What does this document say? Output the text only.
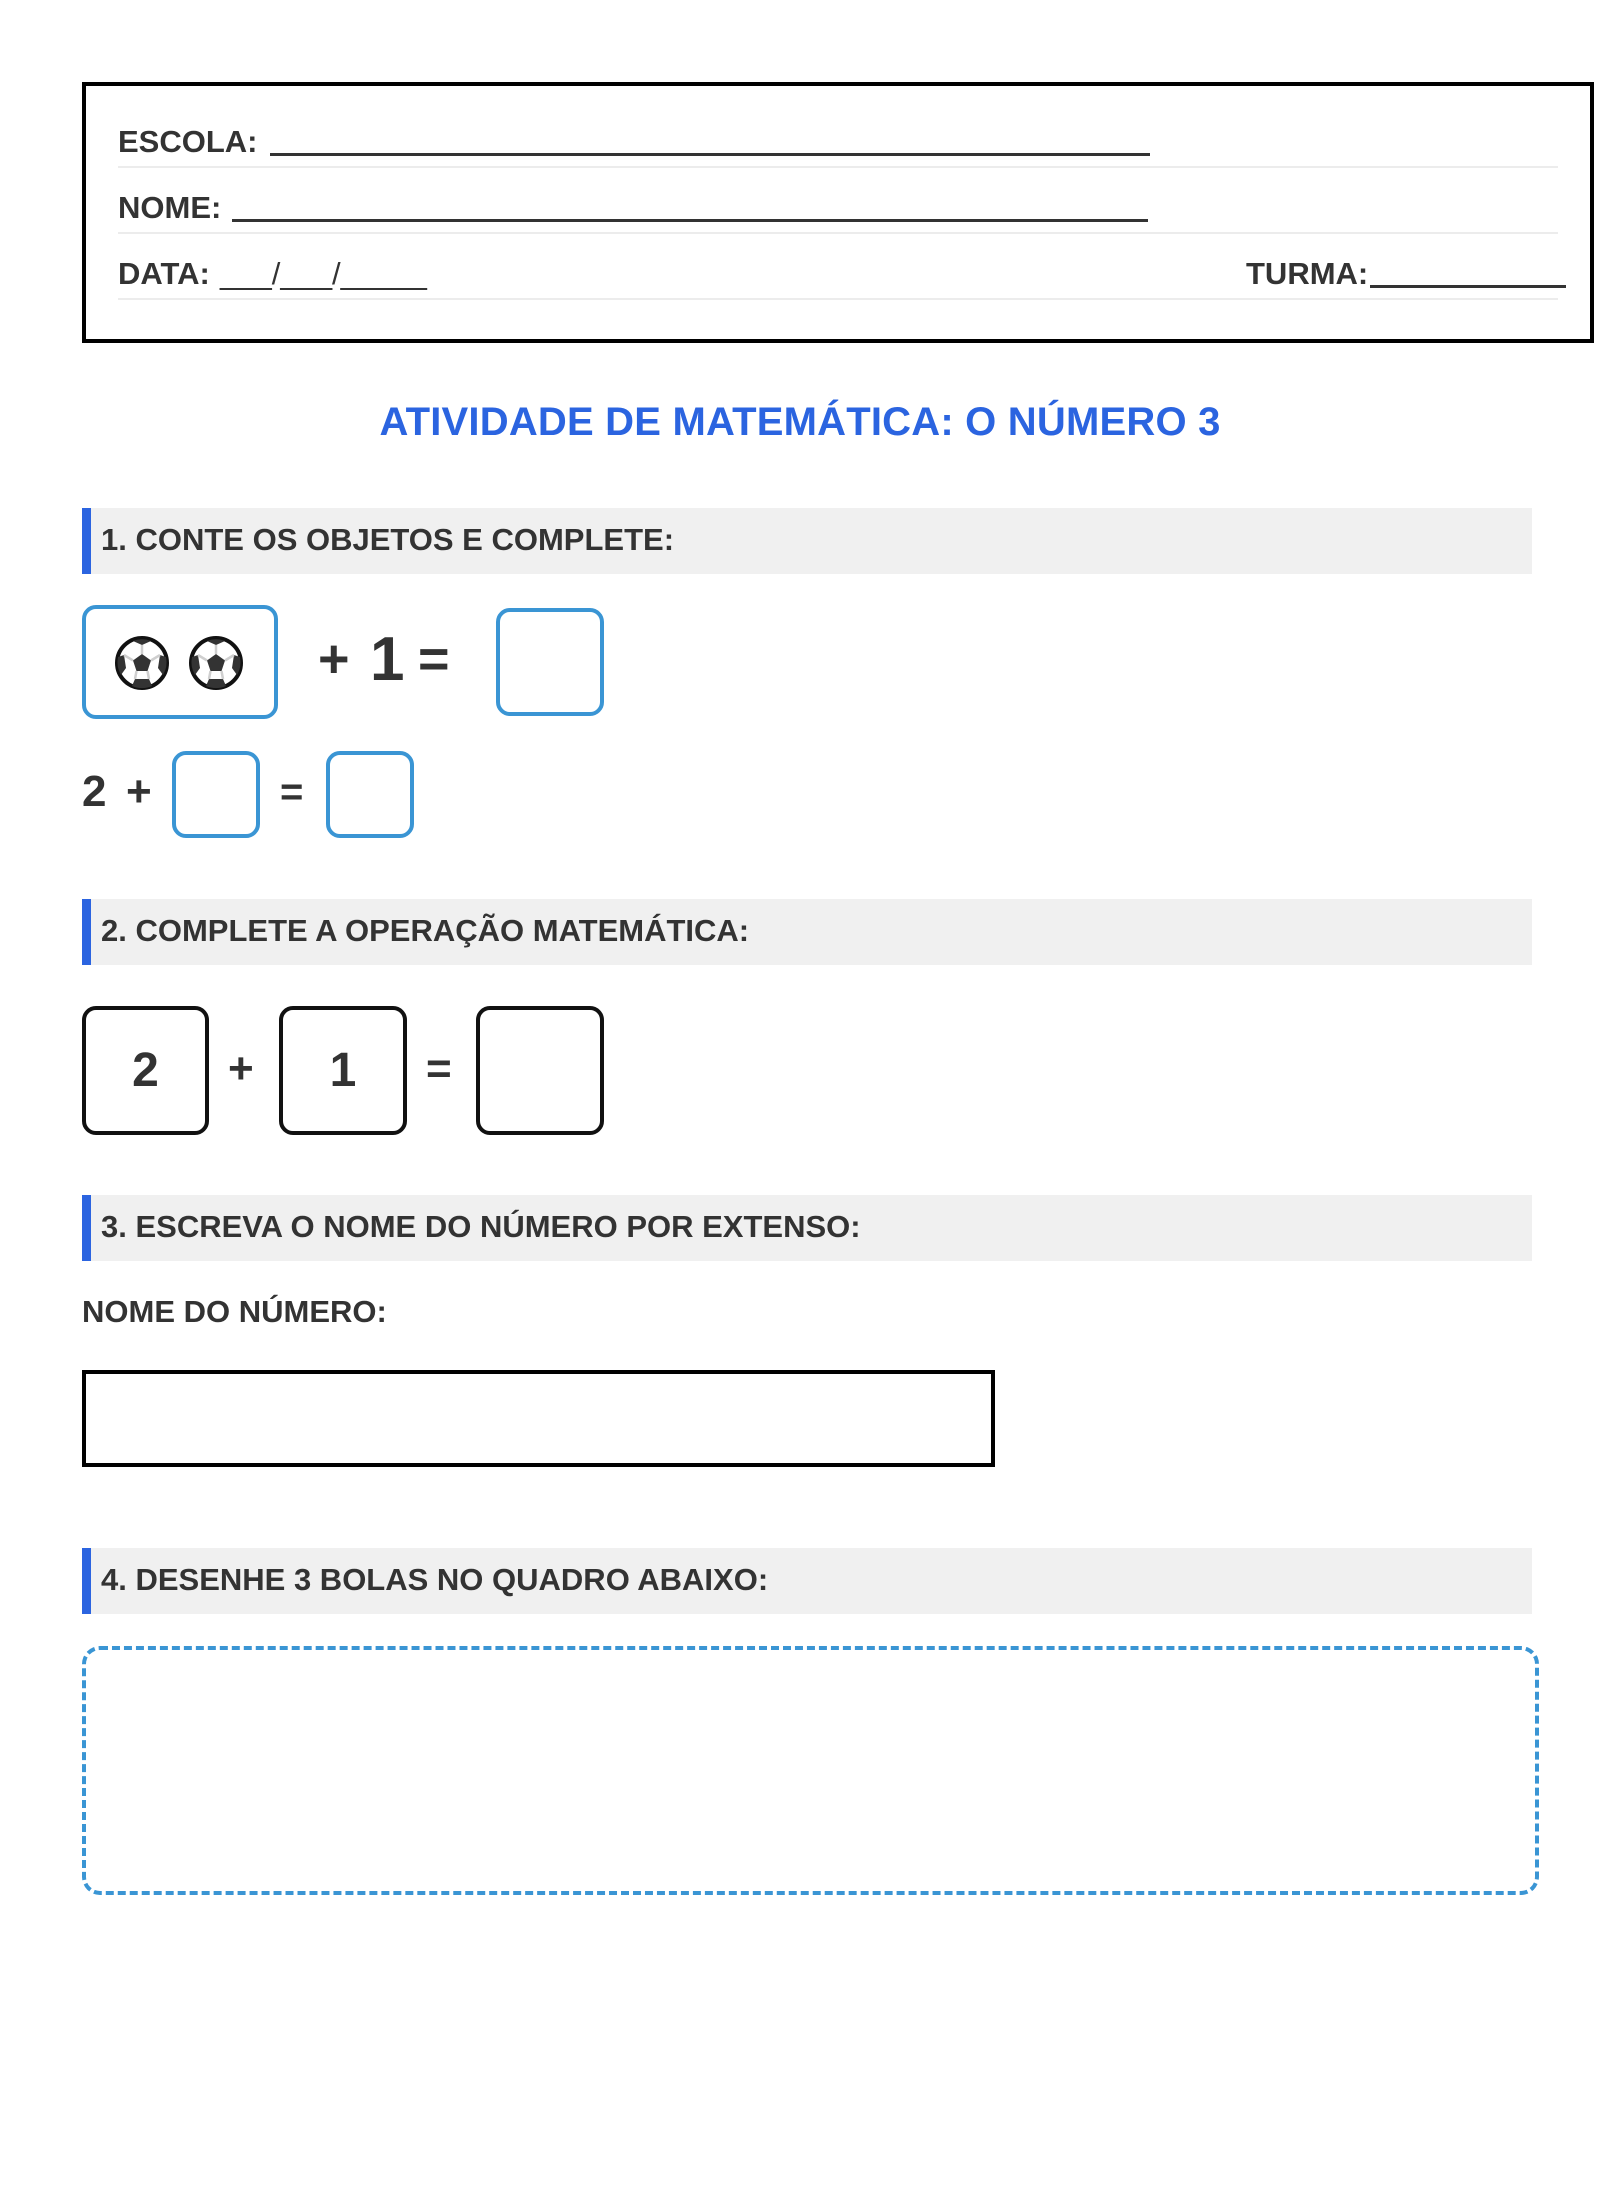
ESCOLA:
NOME:
DATA: ___/___/_____	TURMA:
ATIVIDADE DE MATEMÁTICA: O NÚMERO 3
1. CONTE OS OBJETOS E COMPLETE:
+ 1 =
2 +	=
2. COMPLETE A OPERAÇÃO MATEMÁTICA:
2 + 1 =
3. ESCREVA O NOME DO NÚMERO POR EXTENSO:
NOME DO NÚMERO:
4. DESENHE 3 BOLAS NO QUADRO ABAIXO:
